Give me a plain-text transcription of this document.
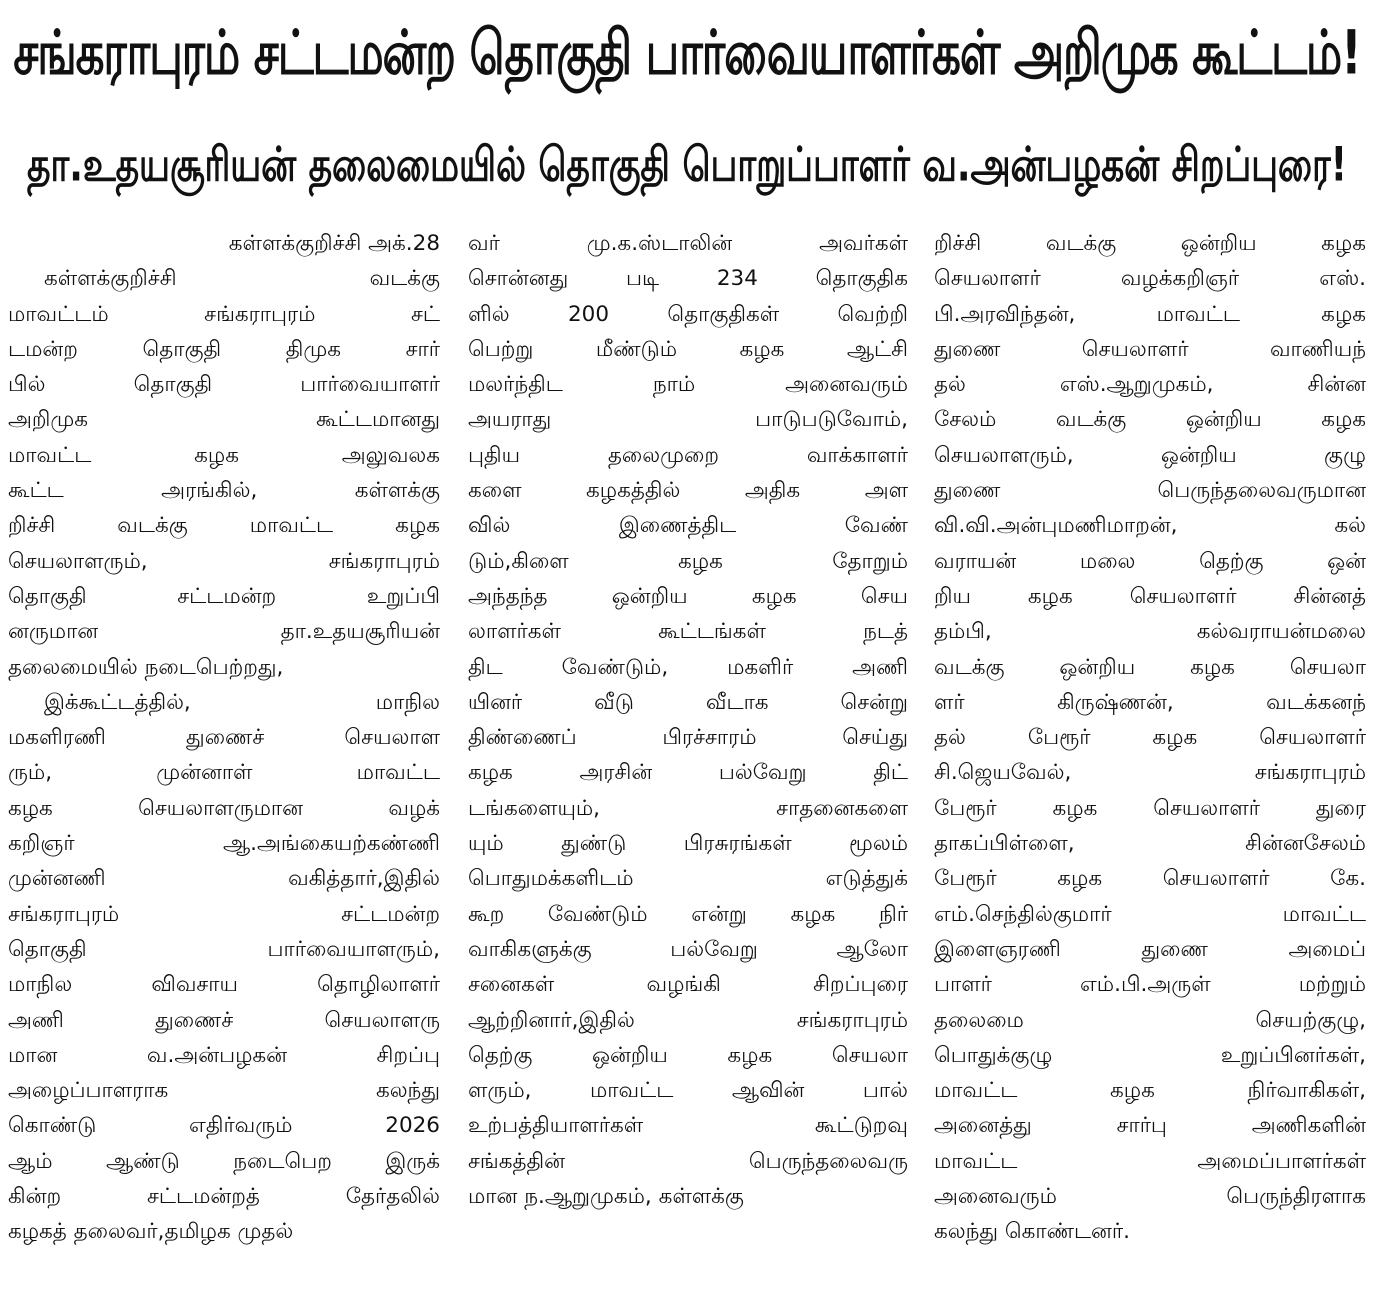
சங்கராபுரம் சட்டமன்ற தொகுதி பார்வையாளர்கள் அறிமுக கூட்டம்!
தா.உதயசூரியன் தலைமையில் தொகுதி பொறுப்பாளர் வ.அன்பழகன் சிறப்புரை!
கள்ளக்குறிச்சி அக்.28
கள்ளக்குறிச்சி வடக்கு
மாவட்டம் சங்கராபுரம் சட்
டமன்ற தொகுதி திமுக சார்
பில் தொகுதி பார்வையாளர்
அறிமுக கூட்டமானது
மாவட்ட கழக அலுவலக
கூட்ட அரங்கில், கள்ளக்கு
றிச்சி வடக்கு மாவட்ட கழக
செயலாளரும், சங்கராபுரம்
தொகுதி சட்டமன்ற உறுப்பி
னருமான தா.உதயசூரியன்
தலைமையில் நடைபெற்றது,
இக்கூட்டத்தில், மாநில
மகளிரணி துணைச் செயலாள
ரும், முன்னாள் மாவட்ட
கழக செயலாளருமான வழக்
கறிஞர் ஆ.அங்கையற்கண்ணி
முன்னணி வகித்தார்,இதில்
சங்கராபுரம் சட்டமன்ற
தொகுதி பார்வையாளரும்,
மாநில விவசாய தொழிலாளர்
அணி துணைச் செயலாளரு
மான வ.அன்பழகன் சிறப்பு
அழைப்பாளராக கலந்து
கொண்டு எதிர்வரும் 2026
ஆம் ஆண்டு நடைபெற இருக்
கின்ற சட்டமன்றத் தேர்தலில்
கழகத் தலைவர்,தமிழக முதல்
வர் மு.க.ஸ்டாலின் அவர்கள்
சொன்னது படி 234 தொகுதிக
ளில் 200 தொகுதிகள் வெற்றி
பெற்று மீண்டும் கழக ஆட்சி
மலர்ந்திட நாம் அனைவரும்
அயராது பாடுபடுவோம்,
புதிய தலைமுறை வாக்காளர்
களை கழகத்தில் அதிக அள
வில் இணைத்திட வேண்
டும்,கிளை கழக தோறும்
அந்தந்த ஒன்றிய கழக செய
லாளர்கள் கூட்டங்கள் நடத்
திட வேண்டும், மகளிர் அணி
யினர் வீடு வீடாக சென்று
திண்ணைப் பிரச்சாரம் செய்து
கழக அரசின் பல்வேறு திட்
டங்களையும், சாதனைகளை
யும் துண்டு பிரசுரங்கள் மூலம்
பொதுமக்களிடம் எடுத்துக்
கூற வேண்டும் என்று கழக நிர்
வாகிகளுக்கு பல்வேறு ஆலோ
சனைகள் வழங்கி சிறப்புரை
ஆற்றினார்,இதில் சங்கராபுரம்
தெற்கு ஒன்றிய கழக செயலா
ளரும், மாவட்ட ஆவின் பால்
உற்பத்தியாளர்கள் கூட்டுறவு
சங்கத்தின் பெருந்தலைவரு
மான ந.ஆறுமுகம், கள்ளக்கு
றிச்சி வடக்கு ஒன்றிய கழக
செயலாளர் வழக்கறிஞர் எஸ்.
பி.அரவிந்தன், மாவட்ட கழக
துணை செயலாளர் வாணியந்
தல் எஸ்.ஆறுமுகம், சின்ன
சேலம் வடக்கு ஒன்றிய கழக
செயலாளரும், ஒன்றிய குழு
துணை பெருந்தலைவருமான
வி.வி.அன்புமணிமாறன், கல்
வராயன் மலை தெற்கு ஒன்
றிய கழக செயலாளர் சின்னத்
தம்பி, கல்வராயன்மலை
வடக்கு ஒன்றிய கழக செயலா
ளர் கிருஷ்ணன், வடக்கனந்
தல் பேரூர் கழக செயலாளர்
சி.ஜெயவேல், சங்கராபுரம்
பேரூர் கழக செயலாளர் துரை
தாகப்பிள்ளை, சின்னசேலம்
பேரூர் கழக செயலாளர் கே.
எம்.செந்தில்குமார் மாவட்ட
இளைஞரணி துணை அமைப்
பாளர் எம்.பி.அருள் மற்றும்
தலைமை செயற்குழு,
பொதுக்குழு உறுப்பினர்கள்,
மாவட்ட கழக நிர்வாகிகள்,
அனைத்து சார்பு அணிகளின்
மாவட்ட அமைப்பாளர்கள்
அனைவரும் பெருந்திரளாக
கலந்து கொண்டனர்.
